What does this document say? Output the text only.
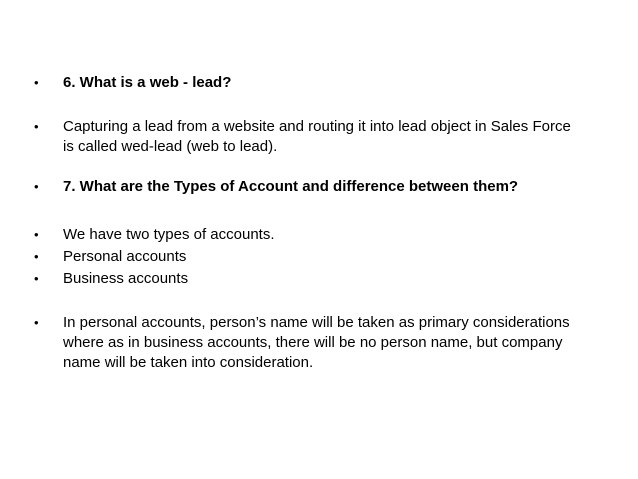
•	6. What is a web - lead?
•	Capturing a lead from a website and routing it into lead object in Sales Force is called wed-lead (web to lead).
•	7. What are the Types of Account and difference between them?
•	We have two types of accounts.
•	Personal accounts
•	Business accounts
•	In personal accounts, person’s name will be taken as primary considerations where as in business accounts, there will be no person name, but company name will be taken into consideration.
